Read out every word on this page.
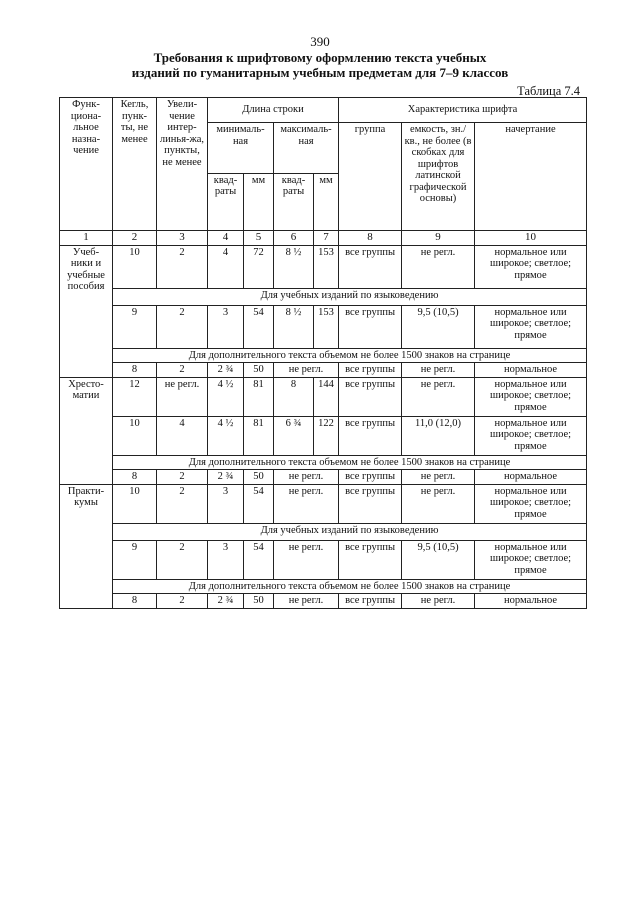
390
Требования к шрифтовому оформлению текста учебных
изданий по гуманитарным учебным предметам для 7–9 классов
Таблица 7.4
Функ-циона-льное назна-чение	Кегль, пунк-ты, не менее	Увели-чение интер-линья-жа, пункты, не менее	Длина строки				Характеристика шрифта		
			минималь-ная		максималь-ная		группа	емкость, зн./кв., не более (в скобках для шрифтов латинской графической основы)	начертание
			квад-раты	мм	квад-раты	мм			
1	2	3	4	5	6	7	8	9	10
Учеб-ники и учебные пособия	10	2	4	72	8 ½	153	все группы	не регл.	нормальное или широкое; светлое; прямое
	Для учебных изданий по языковедению								
	9	2	3	54	8 ½	153	все группы	9,5 (10,5)	нормальное или широкое; светлое; прямое
	Для дополнительного текста объемом не более 1500 знаков на странице								
	8	2	2 ¾	50	не регл.		все группы	не регл.	нормальное
Хресто-матии	12	не регл.	4 ½	81	8	144	все группы	не регл.	нормальное или широкое; светлое; прямое
	10	4	4 ½	81	6 ¾	122	все группы	11,0 (12,0)	нормальное или широкое; светлое; прямое
	Для дополнительного текста объемом не более 1500 знаков на странице								
	8	2	2 ¾	50	не регл.		все группы	не регл.	нормальное
Практи-кумы	10	2	3	54	не регл.		все группы	не регл.	нормальное или широкое; светлое; прямое
	Для учебных изданий по языковедению								
	9	2	3	54	не регл.		все группы	9,5 (10,5)	нормальное или широкое; светлое; прямое
	Для дополнительного текста объемом не более 1500 знаков на странице								
	8	2	2 ¾	50	не регл.		все группы	не регл.	нормальное
